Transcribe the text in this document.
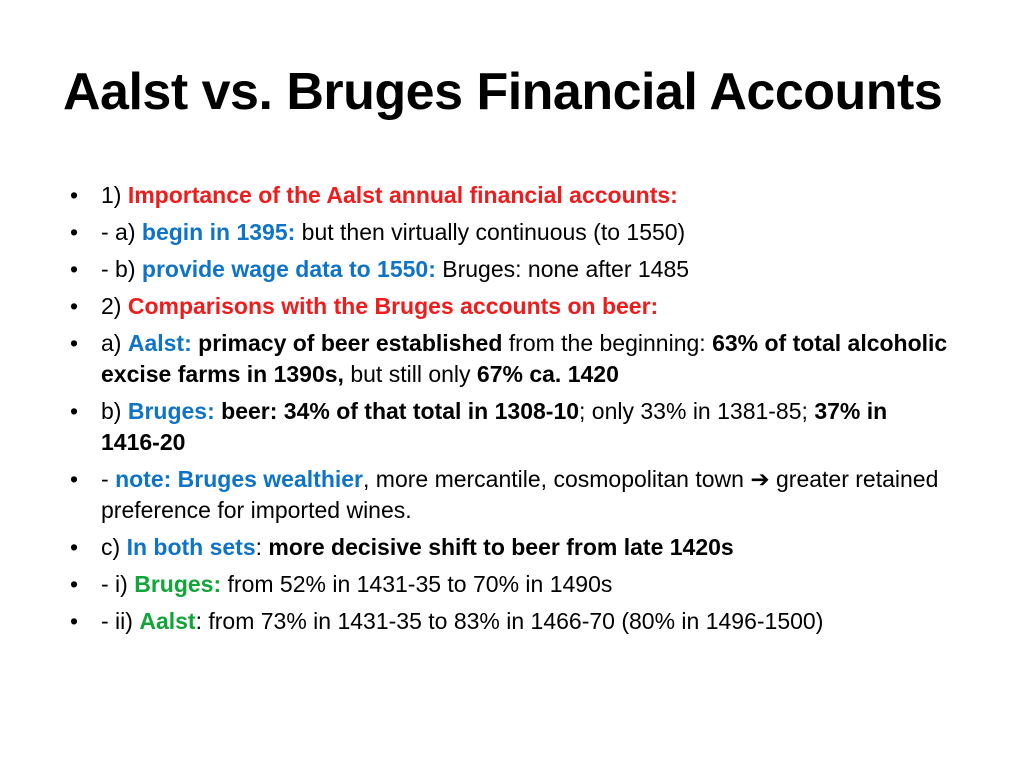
Aalst vs. Bruges Financial Accounts
• 1) Importance of the Aalst annual financial accounts:
• - a) begin in 1395: but then virtually continuous (to 1550)
• - b) provide wage data to 1550: Bruges: none after 1485
• 2) Comparisons with the Bruges accounts on beer:
• a) Aalst: primacy of beer established from the beginning: 63% of total alcoholic excise farms in 1390s, but still only 67% ca. 1420
• b) Bruges: beer: 34% of that total in 1308-10; only 33% in 1381-85; 37% in 1416-20
• - note: Bruges wealthier, more mercantile, cosmopolitan town ➔ greater retained preference for imported wines.
• c) In both sets: more decisive shift to beer from late 1420s
• - i) Bruges: from 52% in 1431-35 to 70% in 1490s
• - ii) Aalst: from 73% in 1431-35 to 83% in 1466-70 (80% in 1496-1500)
